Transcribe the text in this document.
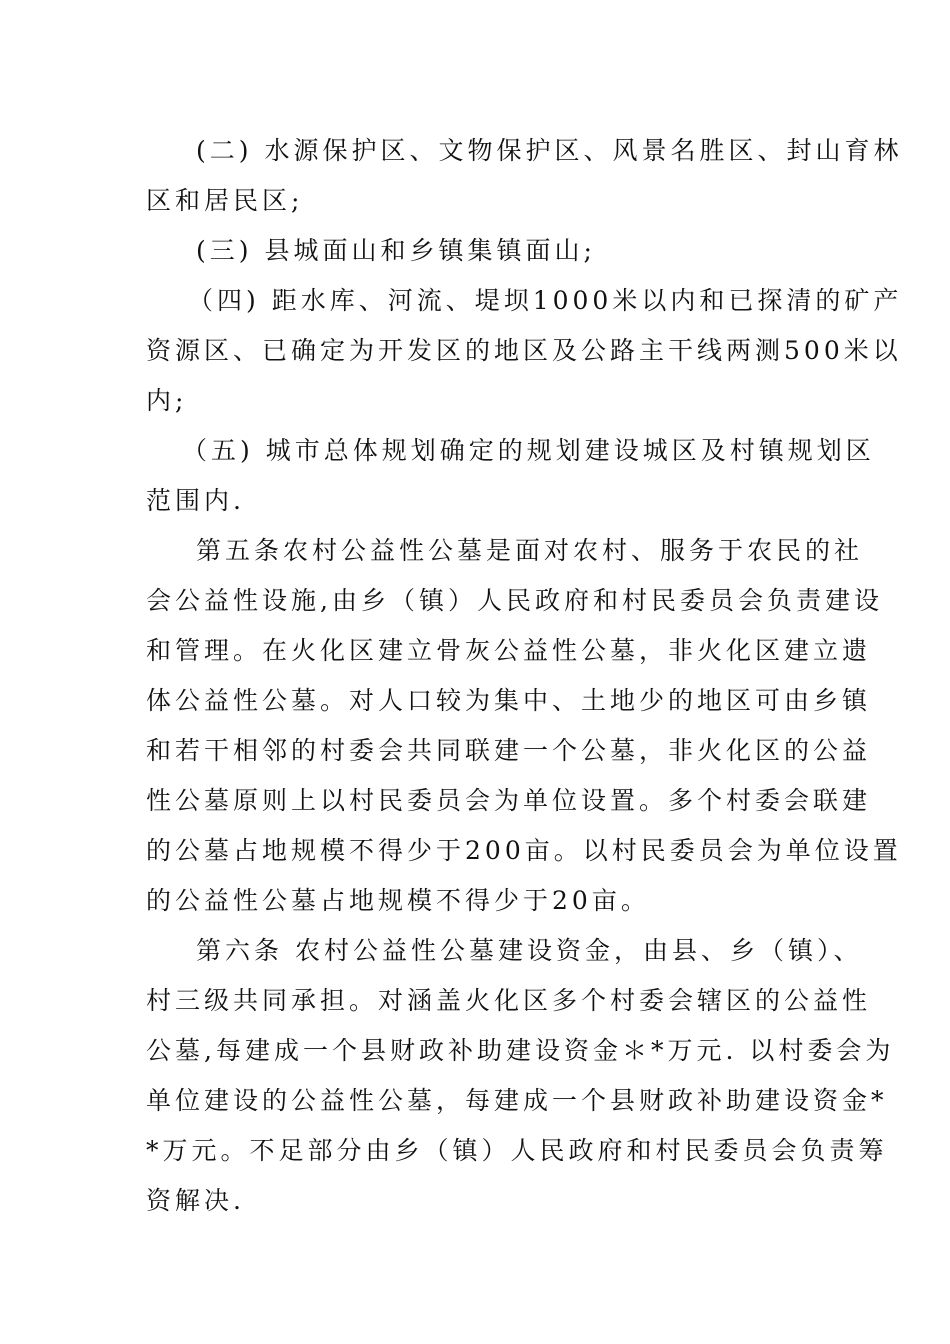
(二) 水源保护区、文物保护区、风景名胜区、封山育林
区和居民区;
(三) 县城面山和乡镇集镇面山;
（四) 距水库、河流、堤坝1000米以内和已探清的矿产
资源区、已确定为开发区的地区及公路主干线两测500米以
内;
（五) 城市总体规划确定的规划建设城区及村镇规划区
范围内.
第五条农村公益性公墓是面对农村、服务于农民的社
会公益性设施,由乡（镇）人民政府和村民委员会负责建设
和管理。在火化区建立骨灰公益性公墓，非火化区建立遗
体公益性公墓。对人口较为集中、土地少的地区可由乡镇
和若干相邻的村委会共同联建一个公墓，非火化区的公益
性公墓原则上以村民委员会为单位设置。多个村委会联建
的公墓占地规模不得少于200亩。以村民委员会为单位设置
的公益性公墓占地规模不得少于20亩。
第六条 农村公益性公墓建设资金，由县、乡（镇）、
村三级共同承担。对涵盖火化区多个村委会辖区的公益性
公墓,每建成一个县财政补助建设资金＊*万元. 以村委会为
单位建设的公益性公墓，每建成一个县财政补助建设资金*
*万元。不足部分由乡（镇）人民政府和村民委员会负责筹
资解决.
